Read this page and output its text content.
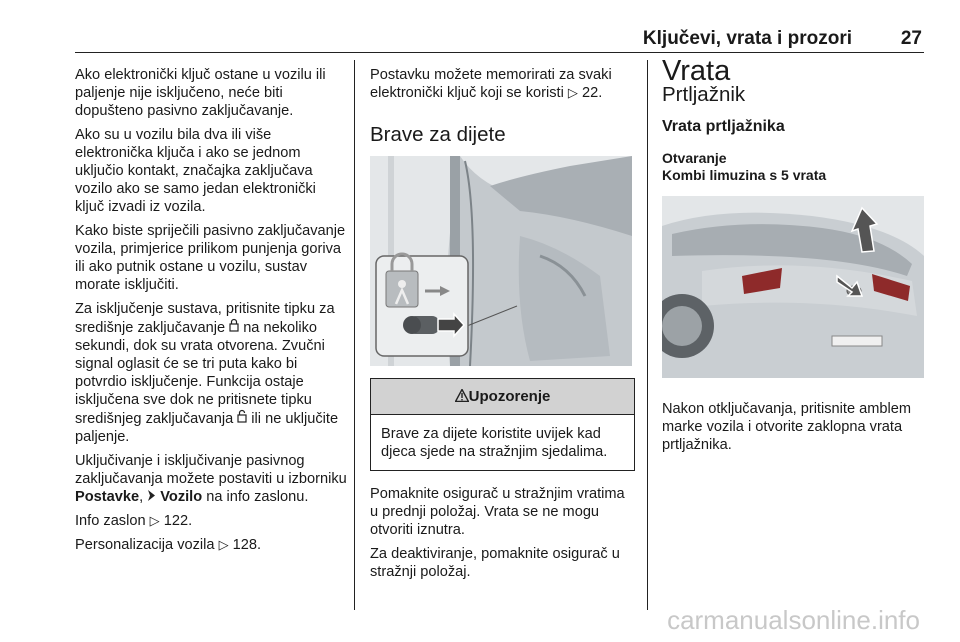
Ključevi, vrata i prozori	27

Ako elektronički ključ ostane u vozilu ili paljenje nije isključeno, neće biti dopušteno pasivno zaključavanje.

Ako su u vozilu bila dva ili više elektronička ključa i ako se jednom uključio kontakt, značajka zaključava vozilo ako se samo jedan elektronički ključ izvadi iz vozila.

Kako biste spriječili pasivno zaključavanje vozila, primjerice prilikom punjenja goriva ili ako putnik ostane u vozilu, sustav morate isključiti.

Za isključenje sustava, pritisnite tipku za središnje zaključavanje  na nekoliko sekundi, dok su vrata otvorena. Zvučni signal oglasit će se tri puta kako bi potvrdio isključenje. Funkcija ostaje isključena sve dok ne pritisnete tipku središnjeg zaključavanja  ili ne uključite paljenje.

Uključivanje i isključivanje pasivnog zaključavanja možete postaviti u izborniku Postavke,  Vozilo na info zaslonu.

Info zaslon ▷ 122.

Personalizacija vozila ▷ 128.

Postavku možete memorirati za svaki elektronički ključ koji se koristi ▷ 22.

Brave za dijete
Upozorenje
Brave za dijete koristite uvijek kad djeca sjede na stražnjim sjedalima.

Pomaknite osigurač u stražnjim vratima u prednji položaj. Vrata se ne mogu otvoriti iznutra.

Za deaktiviranje, pomaknite osigurač u stražnji položaj.

Vrata
Prtljažnik
Vrata prtljažnika
Otvaranje
Kombi limuzina s 5 vrata

Nakon otključavanja, pritisnite amblem marke vozila i otvorite zaklopna vrata prtljažnika.

carmanualsonline.info
